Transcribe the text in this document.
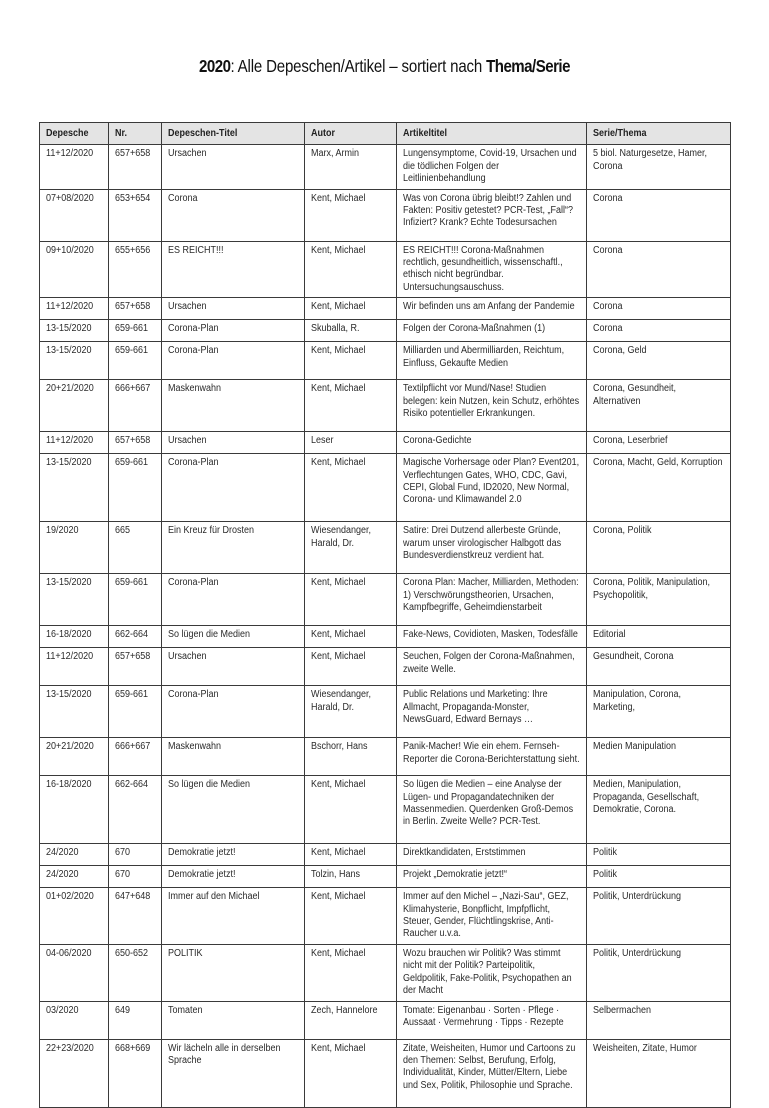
2020: Alle Depeschen/Artikel – sortiert nach Thema/Serie
Depesche	Nr.	Depeschen-Titel	Autor	Artikeltitel	Serie/Thema

11+12/2020	657+658	Ursachen	Marx, Armin	Lungensymptome, Covid-19, Ursachen und die tödlichen Folgen der Leitlinienbehandlung	5 biol. Naturgesetze, Hamer, Corona

07+08/2020	653+654	Corona	Kent, Michael	Was von Corona übrig bleibt!? Zahlen und Fakten: Positiv getestet? PCR-Test, „Fall“? Infiziert? Krank? Echte Todesursachen	Corona

09+10/2020	655+656	ES REICHT!!!	Kent, Michael	ES REICHT!!! Corona-Maßnahmen rechtlich, gesundheitlich, wissenschaftl., ethisch nicht begründbar. Untersuchungsauschuss.	Corona

11+12/2020	657+658	Ursachen	Kent, Michael	Wir befinden uns am Anfang der Pandemie	Corona

13-15/2020	659-661	Corona-Plan	Skuballa, R.	Folgen der Corona-Maßnahmen (1)	Corona

13-15/2020	659-661	Corona-Plan	Kent, Michael	Milliarden und Abermilliarden, Reichtum, Einfluss, Gekaufte Medien	Corona, Geld

20+21/2020	666+667	Maskenwahn	Kent, Michael	Textilpflicht vor Mund/Nase! Studien belegen: kein Nutzen, kein Schutz, erhöhtes Risiko potentieller Erkrankungen.	Corona, Gesundheit, Alternativen

11+12/2020	657+658	Ursachen	Leser	Corona-Gedichte	Corona, Leserbrief

13-15/2020	659-661	Corona-Plan	Kent, Michael	Magische Vorhersage oder Plan? Event201, Verflechtungen Gates, WHO, CDC, Gavi, CEPI, Global Fund, ID2020, New Normal, Corona- und Klimawandel 2.0	Corona, Macht, Geld, Korruption

19/2020	665	Ein Kreuz für Drosten	Wiesendanger, Harald, Dr.	Satire: Drei Dutzend allerbeste Gründe, warum unser virologischer Halbgott das Bundesverdienstkreuz verdient hat.	Corona, Politik

13-15/2020	659-661	Corona-Plan	Kent, Michael	Corona Plan: Macher, Milliarden, Methoden: 1) Verschwörungstheorien, Ursachen, Kampfbegriffe, Geheimdienstarbeit	Corona, Politik, Manipulation, Psychopolitik,

16-18/2020	662-664	So lügen die Medien	Kent, Michael	Fake-News, Covidioten, Masken, Todesfälle	Editorial

11+12/2020	657+658	Ursachen	Kent, Michael	Seuchen, Folgen der Corona-Maßnahmen, zweite Welle.	Gesundheit, Corona

13-15/2020	659-661	Corona-Plan	Wiesendanger, Harald, Dr.	Public Relations und Marketing: Ihre Allmacht, Propaganda-Monster, NewsGuard, Edward Bernays …	Manipulation, Corona, Marketing,

20+21/2020	666+667	Maskenwahn	Bschorr, Hans	Panik-Macher! Wie ein ehem. Fernseh-Reporter die Corona-Berichterstattung sieht.	Medien Manipulation

16-18/2020	662-664	So lügen die Medien	Kent, Michael	So lügen die Medien – eine Analyse der Lügen- und Propagandatechniken der Massenmedien. Querdenken Groß-Demos in Berlin. Zweite Welle? PCR-Test.	Medien, Manipulation, Propaganda, Gesellschaft, Demokratie, Corona.

24/2020	670	Demokratie jetzt!	Kent, Michael	Direktkandidaten, Erststimmen	Politik

24/2020	670	Demokratie jetzt!	Tolzin, Hans	Projekt „Demokratie jetzt!“	Politik

01+02/2020	647+648	Immer auf den Michael	Kent, Michael	Immer auf den Michel – „Nazi-Sau“, GEZ, Klimahysterie, Bonpflicht, Impfpflicht, Steuer, Gender, Flüchtlingskrise, Anti-Raucher u.v.a.	Politik, Unterdrückung

04-06/2020	650-652	POLITIK	Kent, Michael	Wozu brauchen wir Politik? Was stimmt nicht mit der Politik? Parteipolitik, Geldpolitik, Fake-Politik, Psychopathen an der Macht	Politik, Unterdrückung

03/2020	649	Tomaten	Zech, Hannelore	Tomate: Eigenanbau · Sorten · Pflege · Aussaat · Vermehrung · Tipps · Rezepte	Selbermachen

22+23/2020	668+669	Wir lächeln alle in derselben Sprache	Kent, Michael	Zitate, Weisheiten, Humor und Cartoons zu den Themen: Selbst, Berufung, Erfolg, Individualität, Kinder, Mütter/Eltern, Liebe und Sex, Politik, Philosophie und Sprache.	Weisheiten, Zitate, Humor
